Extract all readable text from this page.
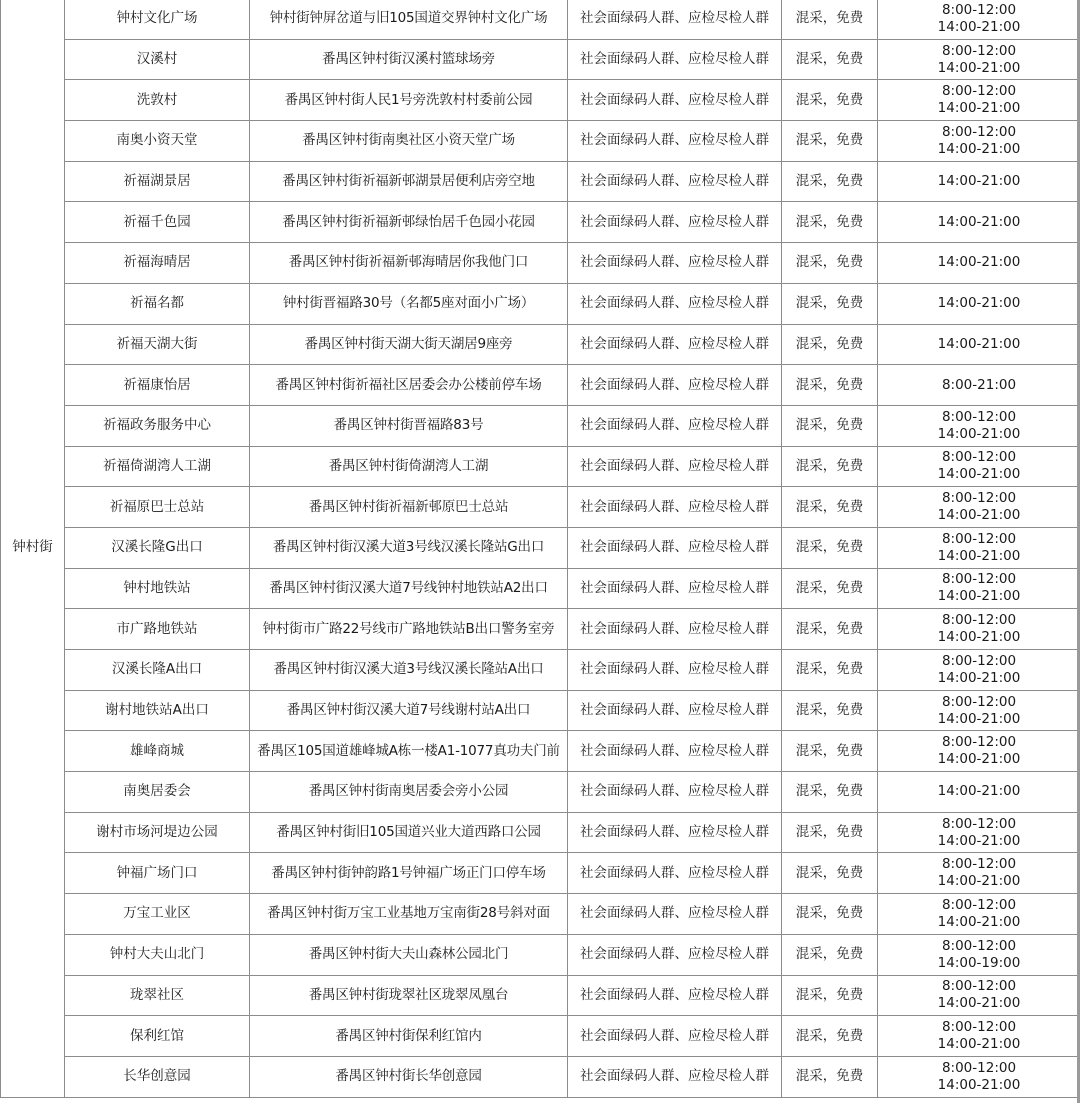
钟村街	钟村文化广场	钟村街钟屏岔道与旧105国道交界钟村文化广场	社会面绿码人群、应检尽检人群	混采，免费	8:00-12:00
14:00-21:00

	汉溪村	番禺区钟村街汉溪村篮球场旁	社会面绿码人群、应检尽检人群	混采，免费	8:00-12:00
14:00-21:00

	洗敦村	番禺区钟村街人民1号旁洗敦村村委前公园	社会面绿码人群、应检尽检人群	混采，免费	8:00-12:00
14:00-21:00

	南奥小资天堂	番禺区钟村街南奥社区小资天堂广场	社会面绿码人群、应检尽检人群	混采，免费	8:00-12:00
14:00-21:00

	祈福湖景居	番禺区钟村街祈福新邨湖景居便利店旁空地	社会面绿码人群、应检尽检人群	混采，免费	14:00-21:00

	祈福千色园	番禺区钟村街祈福新邨绿怡居千色园小花园	社会面绿码人群、应检尽检人群	混采，免费	14:00-21:00

	祈福海晴居	番禺区钟村街祈福新邨海晴居你我他门口	社会面绿码人群、应检尽检人群	混采，免费	14:00-21:00

	祈福名都	钟村街晋福路30号（名都5座对面小广场）	社会面绿码人群、应检尽检人群	混采，免费	14:00-21:00

	祈福天湖大街	番禺区钟村街天湖大街天湖居9座旁	社会面绿码人群、应检尽检人群	混采，免费	14:00-21:00

	祈福康怡居	番禺区钟村街祈福社区居委会办公楼前停车场	社会面绿码人群、应检尽检人群	混采，免费	8:00-21:00

	祈福政务服务中心	番禺区钟村街晋福路83号	社会面绿码人群、应检尽检人群	混采，免费	8:00-12:00
14:00-21:00

	祈福倚湖湾人工湖	番禺区钟村街倚湖湾人工湖	社会面绿码人群、应检尽检人群	混采，免费	8:00-12:00
14:00-21:00

	祈福原巴士总站	番禺区钟村街祈福新邨原巴士总站	社会面绿码人群、应检尽检人群	混采，免费	8:00-12:00
14:00-21:00

	汉溪长隆G出口	番禺区钟村街汉溪大道3号线汉溪长隆站G出口	社会面绿码人群、应检尽检人群	混采，免费	8:00-12:00
14:00-21:00

	钟村地铁站	番禺区钟村街汉溪大道7号线钟村地铁站A2出口	社会面绿码人群、应检尽检人群	混采，免费	8:00-12:00
14:00-21:00

	市广路地铁站	钟村街市广路22号线市广路地铁站B出口警务室旁	社会面绿码人群、应检尽检人群	混采，免费	8:00-12:00
14:00-21:00

	汉溪长隆A出口	番禺区钟村街汉溪大道3号线汉溪长隆站A出口	社会面绿码人群、应检尽检人群	混采，免费	8:00-12:00
14:00-21:00

	谢村地铁站A出口	番禺区钟村街汉溪大道7号线谢村站A出口	社会面绿码人群、应检尽检人群	混采，免费	8:00-12:00
14:00-21:00

	雄峰商城	番禺区105国道雄峰城A栋一楼A1-1077真功夫门前	社会面绿码人群、应检尽检人群	混采，免费	8:00-12:00
14:00-21:00

	南奥居委会	番禺区钟村街南奥居委会旁小公园	社会面绿码人群、应检尽检人群	混采，免费	14:00-21:00

	谢村市场河堤边公园	番禺区钟村街旧105国道兴业大道西路口公园	社会面绿码人群、应检尽检人群	混采，免费	8:00-12:00
14:00-21:00

	钟福广场门口	番禺区钟村街钟韵路1号钟福广场正门口停车场	社会面绿码人群、应检尽检人群	混采，免费	8:00-12:00
14:00-21:00

	万宝工业区	番禺区钟村街万宝工业基地万宝南街28号斜对面	社会面绿码人群、应检尽检人群	混采，免费	8:00-12:00
14:00-21:00

	钟村大夫山北门	番禺区钟村街大夫山森林公园北门	社会面绿码人群、应检尽检人群	混采，免费	8:00-12:00
14:00-19:00

	珑翠社区	番禺区钟村街珑翠社区珑翠凤凰台	社会面绿码人群、应检尽检人群	混采，免费	8:00-12:00
14:00-21:00

	保利红馆	番禺区钟村街保利红馆内	社会面绿码人群、应检尽检人群	混采，免费	8:00-12:00
14:00-21:00

	长华创意园	番禺区钟村街长华创意园	社会面绿码人群、应检尽检人群	混采，免费	8:00-12:00
14:00-21:00
